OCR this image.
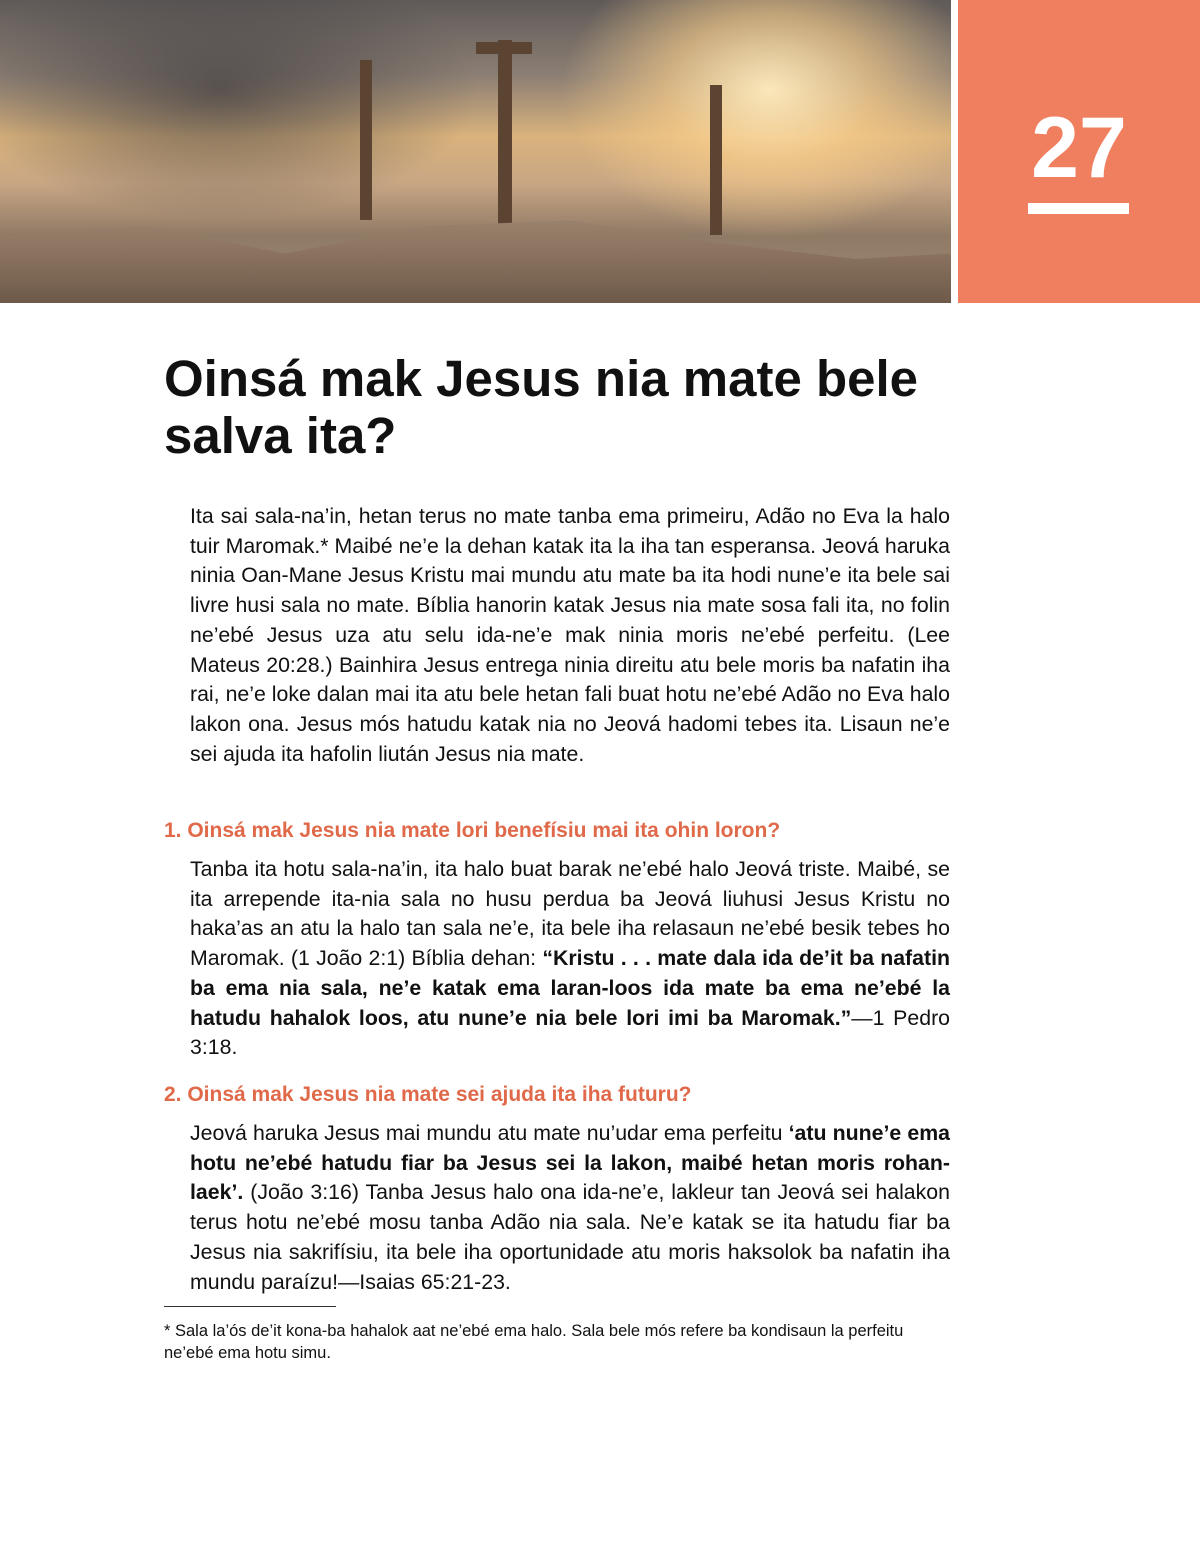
27
Oinsá mak Jesus nia mate bele salva ita?

Ita sai sala-na’in, hetan terus no mate tanba ema primeiru, Adão no Eva la halo tuir Maromak.* Maibé ne’e la dehan katak ita la iha tan esperansa. Jeová haruka ninia Oan-Mane Jesus Kristu mai mundu atu mate ba ita hodi nune’e ita bele sai livre husi sala no mate. Bíblia hanorin katak Jesus nia mate sosa fali ita, no folin ne’ebé Jesus uza atu selu ida-ne’e mak ninia moris ne’ebé perfeitu. (Lee Mateus 20:28.) Bainhira Jesus entrega ninia direitu atu bele moris ba nafatin iha rai, ne’e loke dalan mai ita atu bele hetan fali buat hotu ne’ebé Adão no Eva halo lakon ona. Jesus mós hatudu katak nia no Jeová hadomi tebes ita. Lisaun ne’e sei ajuda ita hafolin liután Jesus nia mate.

1. Oinsá mak Jesus nia mate lori benefísiu mai ita ohin loron?

Tanba ita hotu sala-na’in, ita halo buat barak ne’ebé halo Jeová triste. Maibé, se ita arrepende ita-nia sala no husu perdua ba Jeová liuhusi Jesus Kristu no haka’as an atu la halo tan sala ne’e, ita bele iha relasaun ne’ebé besik tebes ho Maromak. (1 João 2:1) Bíblia dehan: “Kristu . . . mate dala ida de’it ba nafatin ba ema nia sala, ne’e katak ema laran-loos ida mate ba ema ne’ebé la hatudu hahalok loos, atu nune’e nia bele lori imi ba Maromak.”—1 Pedro 3:18.

2. Oinsá mak Jesus nia mate sei ajuda ita iha futuru?

Jeová haruka Jesus mai mundu atu mate nu’udar ema perfeitu ‘atu nune’e ema hotu ne’ebé hatudu fiar ba Jesus sei la lakon, maibé hetan moris rohan-laek’. (João 3:16) Tanba Jesus halo ona ida-ne’e, lakleur tan Jeová sei halakon terus hotu ne’ebé mosu tanba Adão nia sala. Ne’e katak se ita hatudu fiar ba Jesus nia sakrifísiu, ita bele iha oportunidade atu moris haksolok ba nafatin iha mundu paraízu!—Isaias 65:21-23.

* Sala la’ós de’it kona-ba hahalok aat ne’ebé ema halo. Sala bele mós refere ba kondisaun la perfeitu ne’ebé ema hotu simu.
